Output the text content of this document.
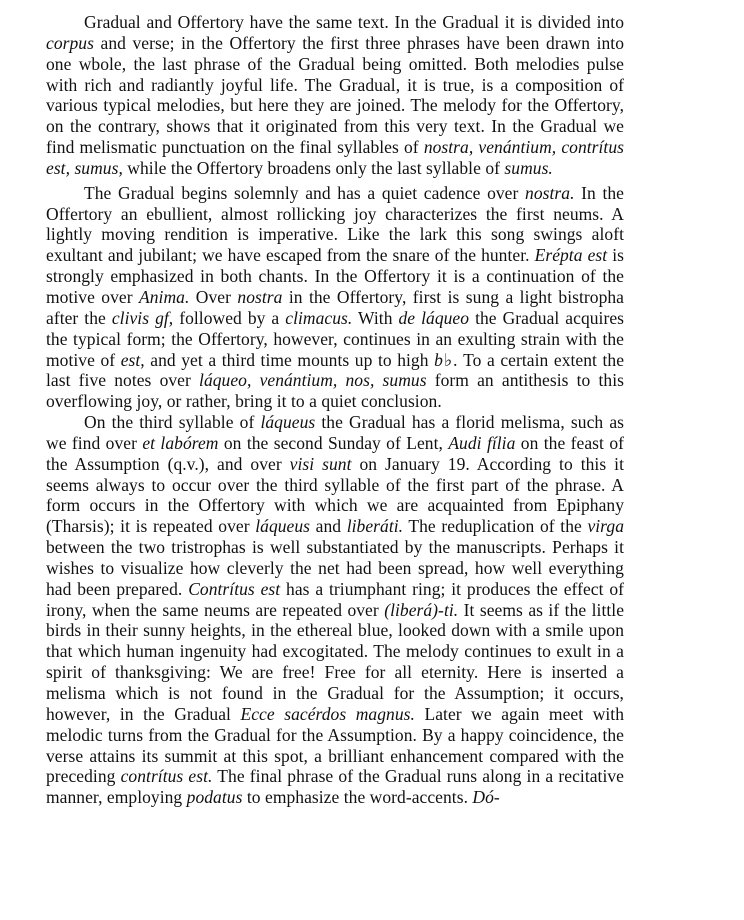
Gradual and Offertory have the same text. In the Gradual it is divided into corpus and verse; in the Offertory the first three phrases have been drawn into one wbole, the last phrase of the Gradual being omitted. Both melodies pulse with rich and radiantly joyful life. The Gradual, it is true, is a composition of various typical melodies, but here they are joined. The melody for the Offertory, on the contrary, shows that it originated from this very text. In the Gradual we find melismatic punctuation on the final syllables of nostra, venántium, contrítus est, sumus, while the Offertory broadens only the last syllable of sumus.

The Gradual begins solemnly and has a quiet cadence over nostra. In the Offertory an ebullient, almost rollicking joy characterizes the first neums. A lightly moving rendition is imperative. Like the lark this song swings aloft exultant and jubilant; we have escaped from the snare of the hunter. Erépta est is strongly emphasized in both chants. In the Offertory it is a continuation of the motive over Anima. Over nostra in the Offertory, first is sung a light bistropha after the clivis gf, followed by a climacus. With de láqueo the Gradual acquires the typical form; the Offertory, however, continues in an exulting strain with the motive of est, and yet a third time mounts up to high b♭. To a certain extent the last five notes over láqueo, venántium, nos, sumus form an antithesis to this overflowing joy, or rather, bring it to a quiet conclusion.

On the third syllable of láqueus the Gradual has a florid melisma, such as we find over et labórem on the second Sunday of Lent, Audi fília on the feast of the Assumption (q.v.), and over visi sunt on January 19. According to this it seems always to occur over the third syllable of the first part of the phrase. A form occurs in the Offertory with which we are acquainted from Epiphany (Tharsis); it is repeated over láqueus and liberáti. The reduplication of the virga between the two tristrophas is well substantiated by the manuscripts. Perhaps it wishes to visualize how cleverly the net had been spread, how well everything had been prepared. Contrítus est has a triumphant ring; it produces the effect of irony, when the same neums are repeated over (liberá)-ti. It seems as if the little birds in their sunny heights, in the ethereal blue, looked down with a smile upon that which human ingenuity had excogitated. The melody continues to exult in a spirit of thanksgiving: We are free! Free for all eternity. Here is inserted a melisma which is not found in the Gradual for the Assumption; it occurs, however, in the Gradual Ecce sacérdos magnus. Later we again meet with melodic turns from the Gradual for the Assumption. By a happy coincidence, the verse attains its summit at this spot, a brilliant enhancement compared with the preceding contrítus est. The final phrase of the Gradual runs along in a recitative manner, employing podatus to emphasize the word-accents. Dó-
